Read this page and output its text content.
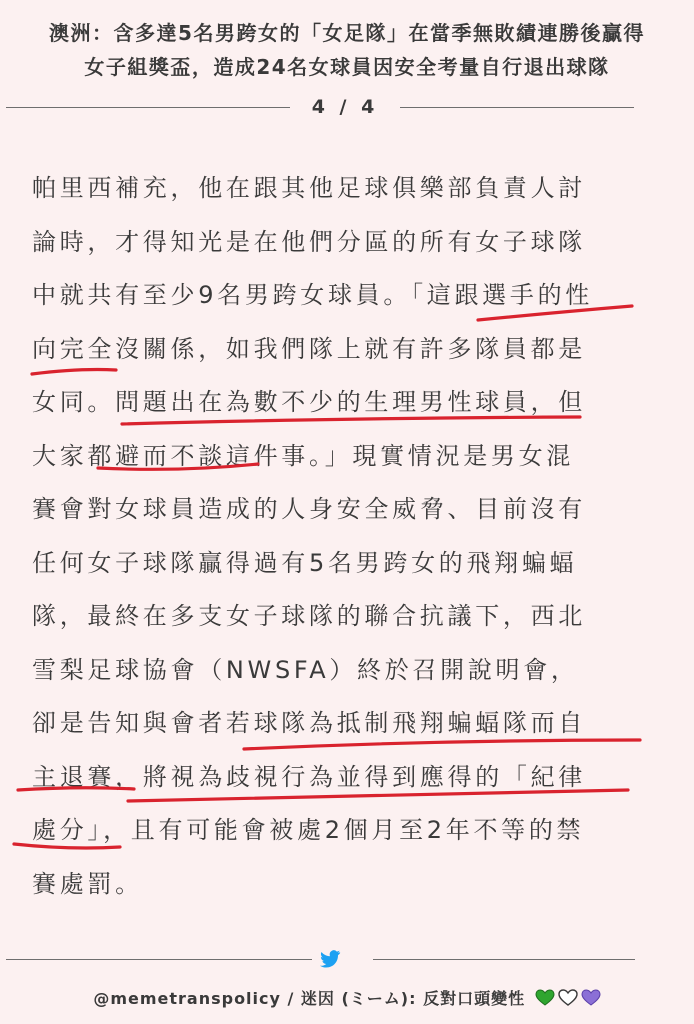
澳洲：含多達5名男跨女的「女足隊」在當季無敗績連勝後贏得
女子組獎盃，造成24名女球員因安全考量自行退出球隊
4 / 4
帕里西補充，他在跟其他足球俱樂部負責人討
論時，才得知光是在他們分區的所有女子球隊
中就共有至少9名男跨女球員。「這跟選手的性
向完全沒關係，如我們隊上就有許多隊員都是
女同。問題出在為數不少的生理男性球員，但
大家都避而不談這件事。」現實情況是男女混
賽會對女球員造成的人身安全威脅、目前沒有
任何女子球隊贏得過有5名男跨女的飛翔蝙蝠
隊，最終在多支女子球隊的聯合抗議下，西北
雪梨足球協會（NWSFA）終於召開說明會，
卻是告知與會者若球隊為抵制飛翔蝙蝠隊而自
主退賽，將視為歧視行為並得到應得的「紀律
處分」，且有可能會被處2個月至2年不等的禁
賽處罰。
@memetranspolicy / 迷因 (ミーム): 反對口頭變性
